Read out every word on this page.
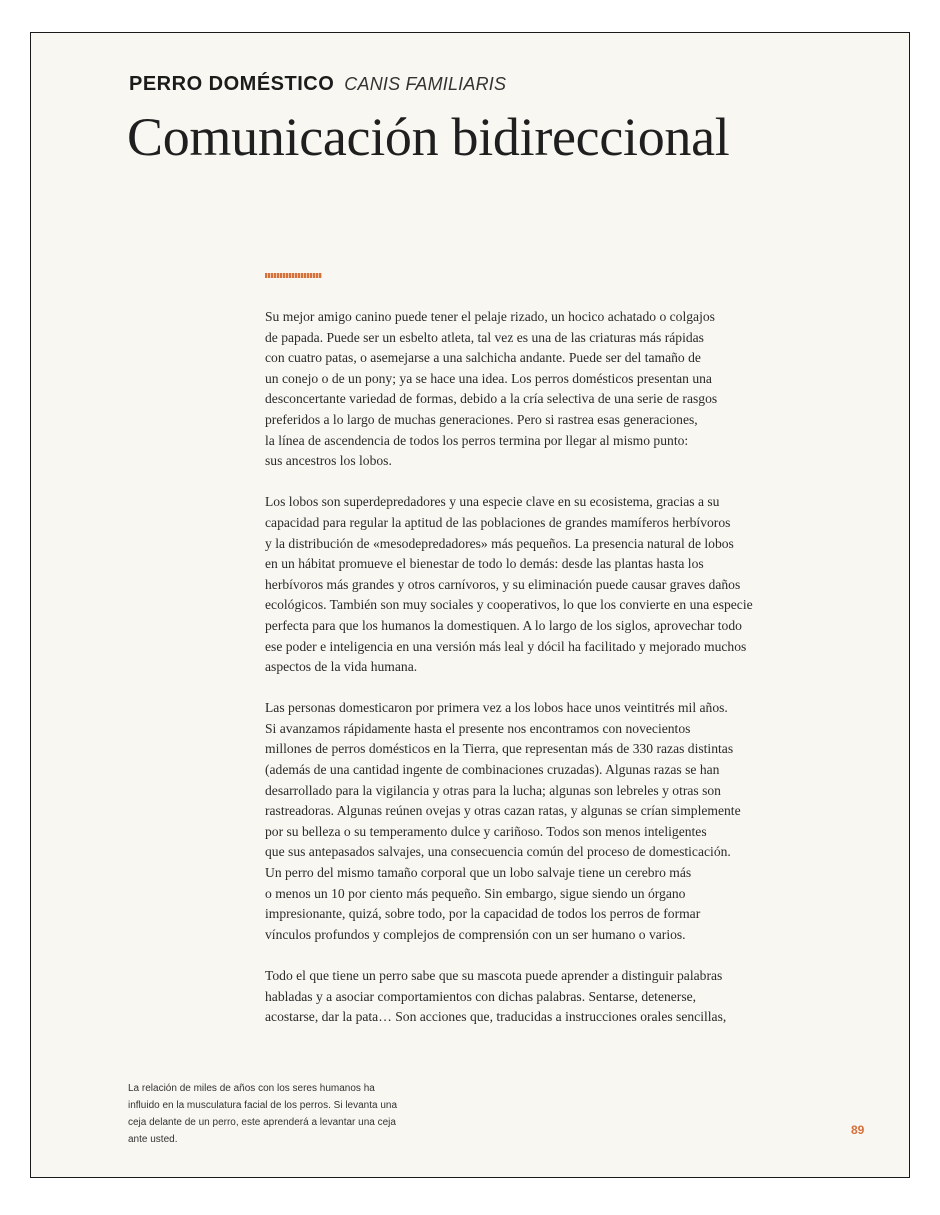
PERRO DOMÉSTICO CANIS FAMILIARIS
Comunicación bidireccional
Su mejor amigo canino puede tener el pelaje rizado, un hocico achatado o colgajos
de papada. Puede ser un esbelto atleta, tal vez es una de las criaturas más rápidas
con cuatro patas, o asemejarse a una salchicha andante. Puede ser del tamaño de
un conejo o de un pony; ya se hace una idea. Los perros domésticos presentan una
desconcertante variedad de formas, debido a la cría selectiva de una serie de rasgos
preferidos a lo largo de muchas generaciones. Pero si rastrea esas generaciones,
la línea de ascendencia de todos los perros termina por llegar al mismo punto:
sus ancestros los lobos.
Los lobos son superdepredadores y una especie clave en su ecosistema, gracias a su
capacidad para regular la aptitud de las poblaciones de grandes mamíferos herbívoros
y la distribución de «mesodepredadores» más pequeños. La presencia natural de lobos
en un hábitat promueve el bienestar de todo lo demás: desde las plantas hasta los
herbívoros más grandes y otros carnívoros, y su eliminación puede causar graves daños
ecológicos. También son muy sociales y cooperativos, lo que los convierte en una especie
perfecta para que los humanos la domestiquen. A lo largo de los siglos, aprovechar todo
ese poder e inteligencia en una versión más leal y dócil ha facilitado y mejorado muchos
aspectos de la vida humana.
Las personas domesticaron por primera vez a los lobos hace unos veintitrés mil años.
Si avanzamos rápidamente hasta el presente nos encontramos con novecientos
millones de perros domésticos en la Tierra, que representan más de 330 razas distintas
(además de una cantidad ingente de combinaciones cruzadas). Algunas razas se han
desarrollado para la vigilancia y otras para la lucha; algunas son lebreles y otras son
rastreadoras. Algunas reúnen ovejas y otras cazan ratas, y algunas se crían simplemente
por su belleza o su temperamento dulce y cariñoso. Todos son menos inteligentes
que sus antepasados salvajes, una consecuencia común del proceso de domesticación.
Un perro del mismo tamaño corporal que un lobo salvaje tiene un cerebro más
o menos un 10 por ciento más pequeño. Sin embargo, sigue siendo un órgano
impresionante, quizá, sobre todo, por la capacidad de todos los perros de formar
vínculos profundos y complejos de comprensión con un ser humano o varios.
Todo el que tiene un perro sabe que su mascota puede aprender a distinguir palabras
habladas y a asociar comportamientos con dichas palabras. Sentarse, detenerse,
acostarse, dar la pata… Son acciones que, traducidas a instrucciones orales sencillas,
La relación de miles de años con los seres humanos ha
influido en la musculatura facial de los perros. Si levanta una
ceja delante de un perro, este aprenderá a levantar una ceja
ante usted.
89
